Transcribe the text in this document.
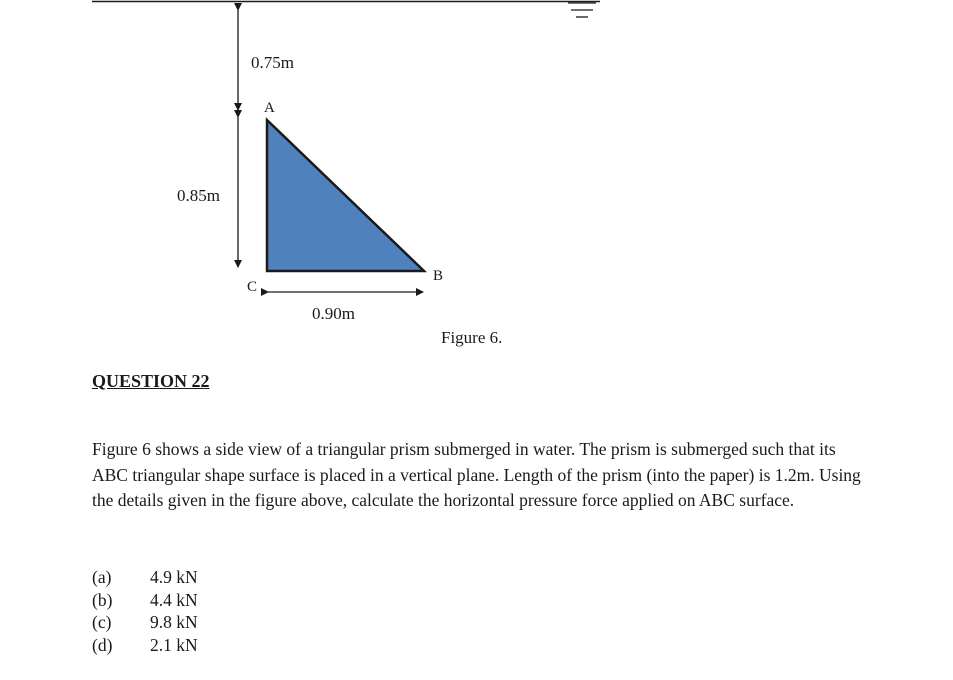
0.75m
0.85m
A
B
C
0.90m
Figure 6.
QUESTION 22

Figure 6 shows a side view of a triangular prism submerged in water. The prism is submerged such that its ABC triangular shape surface is placed in a vertical plane. Length of the prism (into the paper) is 1.2m. Using the details given in the figure above, calculate the horizontal pressure force applied on ABC surface.

(a)	4.9 kN
(b)	4.4 kN
(c)	9.8 kN
(d)	2.1 kN
